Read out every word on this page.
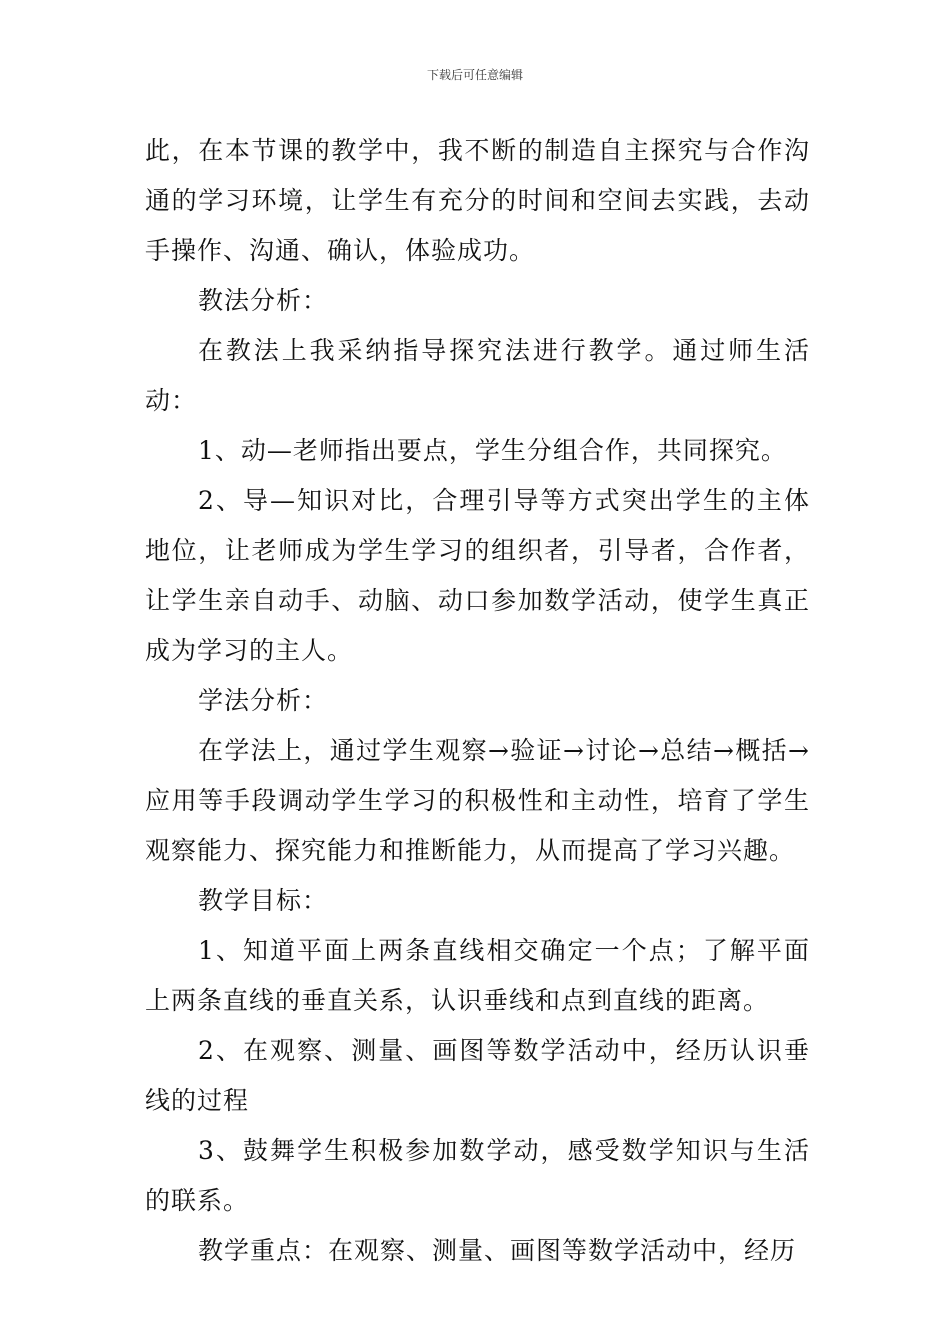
下载后可任意编辑

此，在本节课的教学中，我不断的制造自主探究与合作沟通的学习环境，让学生有充分的时间和空间去实践，去动手操作、沟通、确认，体验成功。

教法分析：

在教法上我采纳指导探究法进行教学。通过师生活动：

1、动—老师指出要点，学生分组合作，共同探究。

2、导—知识对比，合理引导等方式突出学生的主体地位，让老师成为学生学习的组织者，引导者，合作者，让学生亲自动手、动脑、动口参加数学活动，使学生真正成为学习的主人。

学法分析：

在学法上，通过学生观察→验证→讨论→总结→概括→应用等手段调动学生学习的积极性和主动性，培育了学生观察能力、探究能力和推断能力，从而提高了学习兴趣。

教学目标：

1、知道平面上两条直线相交确定一个点；了解平面上两条直线的垂直关系，认识垂线和点到直线的距离。

2、在观察、测量、画图等数学活动中，经历认识垂线的过程

3、鼓舞学生积极参加数学动，感受数学知识与生活的联系。

教学重点：在观察、测量、画图等数学活动中，经历
